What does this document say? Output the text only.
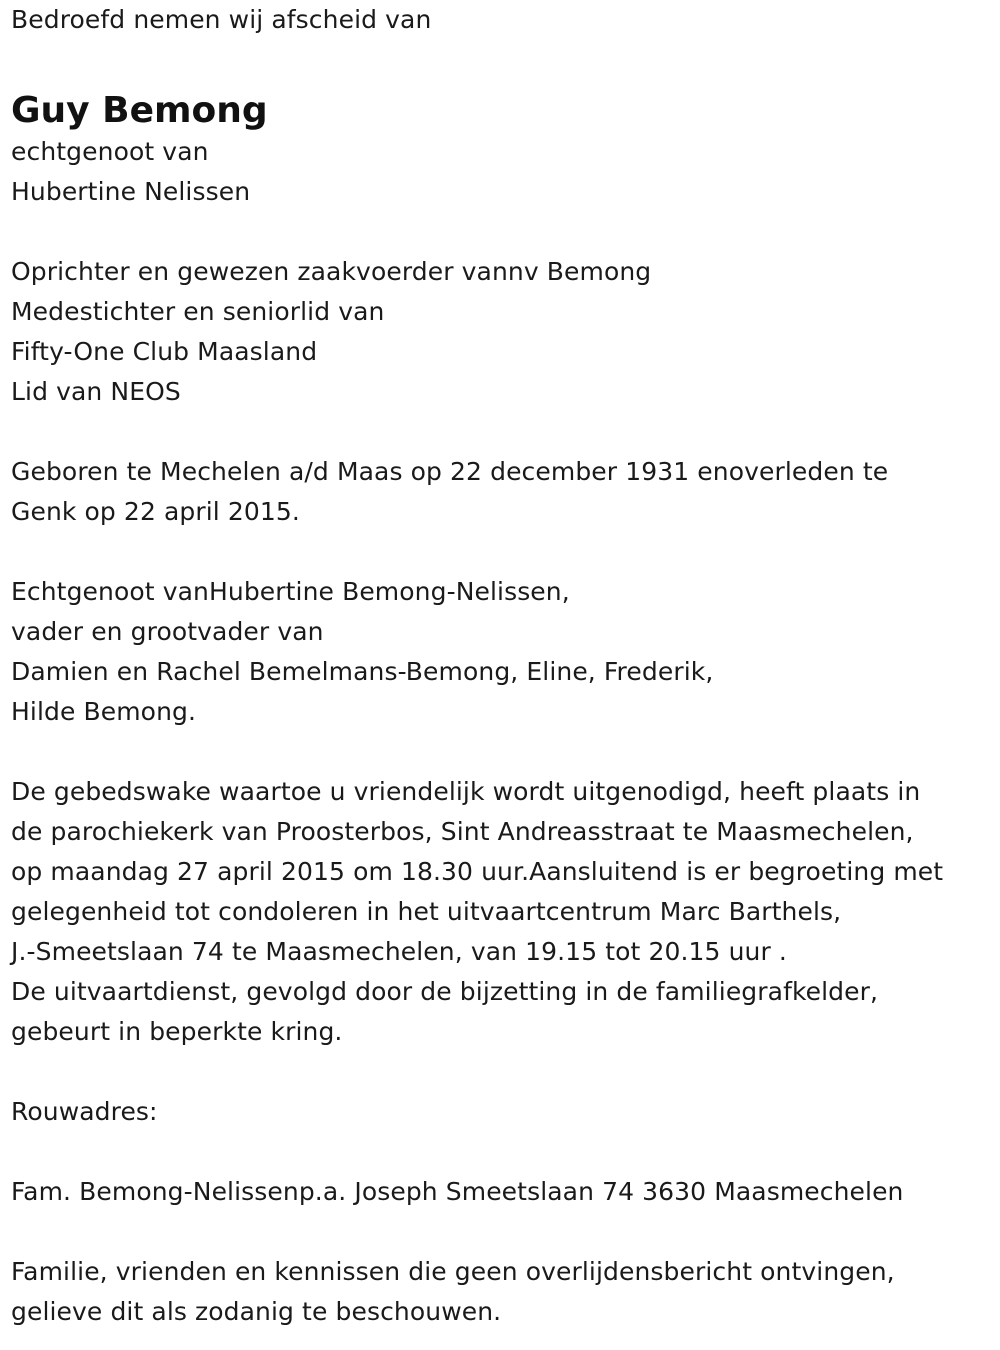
Bedroefd nemen wij afscheid van
Guy Bemong
echtgenoot van
Hubertine Nelissen
Oprichter en gewezen zaakvoerder vannv Bemong
Medestichter en seniorlid van
Fifty-One Club Maasland
Lid van NEOS
Geboren te Mechelen a/d Maas op 22 december 1931 enoverleden te
Genk op 22 april 2015.
Echtgenoot vanHubertine Bemong-Nelissen,
vader en grootvader van
Damien en Rachel Bemelmans-Bemong, Eline, Frederik,
Hilde Bemong.
De gebedswake waartoe u vriendelijk wordt uitgenodigd, heeft plaats in
de parochiekerk van Proosterbos, Sint Andreasstraat te Maasmechelen,
op maandag 27 april 2015 om 18.30 uur.Aansluitend is er begroeting met
gelegenheid tot condoleren in het uitvaartcentrum Marc Barthels,
J.-Smeetslaan 74 te Maasmechelen, van 19.15 tot 20.15 uur .
De uitvaartdienst, gevolgd door de bijzetting in de familiegrafkelder,
gebeurt in beperkte kring.
Rouwadres:
Fam. Bemong-Nelissenp.a. Joseph Smeetslaan 74 3630 Maasmechelen
Familie, vrienden en kennissen die geen overlijdensbericht ontvingen,
gelieve dit als zodanig te beschouwen.
